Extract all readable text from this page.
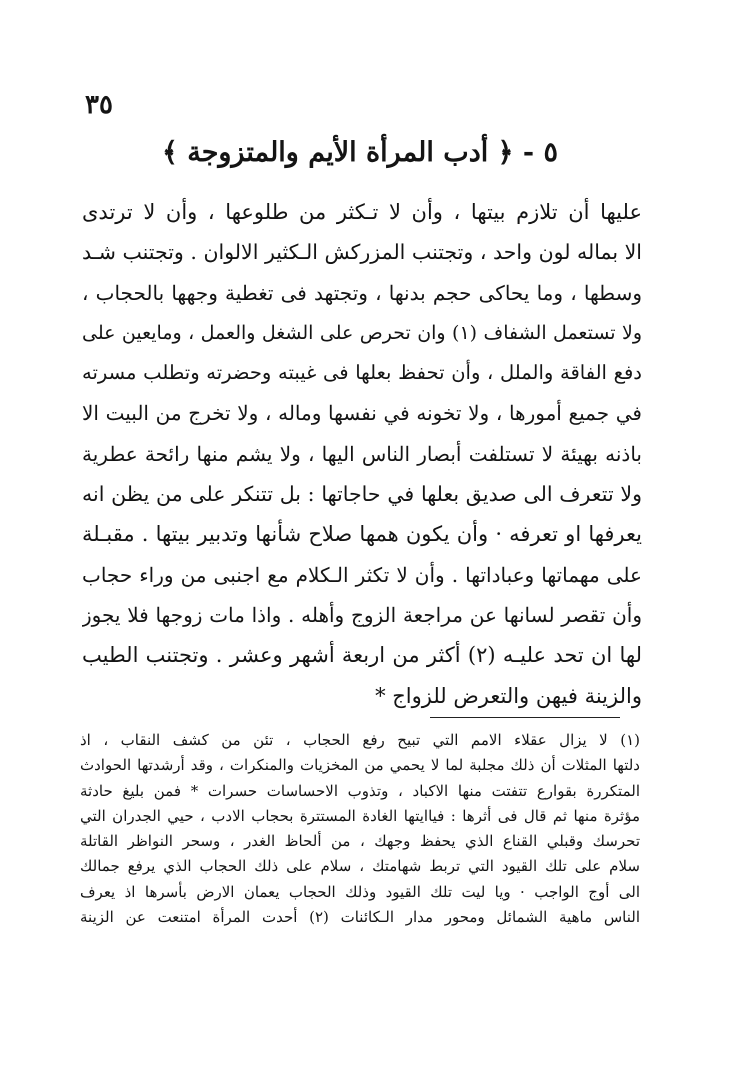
٣٥
٥ - ﴿ أدب المرأة الأيم والمتزوجة ﴾
عليها أن تلازم بيتها ، وأن لا تـكثر من طلوعها ، وأن لا ترتدى
الا بماله لون واحد ، وتجتنب المزركش الـكثير الالوان . وتجتنب شـد
وسطها ، وما يحاكى حجم بدنها ، وتجتهد فى تغطية وجهها بالحجاب ،
ولا تستعمل الشفاف (١) وان تحرص على الشغل والعمل ، ومايعين على
دفع الفاقة والملل ، وأن تحفظ بعلها فى غيبته وحضرته وتطلب مسرته
في جميع أمورها ، ولا تخونه في نفسها وماله ، ولا تخرج من البيت الا
باذنه بهيئة لا تستلفت أبصار الناس اليها ، ولا يشم منها رائحة عطرية
ولا تتعرف الى صديق بعلها في حاجاتها : بل تتنكر على من يظن انه
يعرفها او تعرفه · وأن يكون همها صلاح شأنها وتدبير بيتها . مقبـلة
على مهماتها وعباداتها . وأن لا تكثر الـكلام مع اجنبى من وراء حجاب
وأن تقصر لسانها عن مراجعة الزوج وأهله . واذا مات زوجها فلا يجوز
لها ان تحد عليـه (٢) أكثر من اربعة أشهر وعشر . وتجتنب الطيب
والزينة فيهن والتعرض للزواج *
(١) لا يزال عقلاء الامم التي تبيح رفع الحجاب ، تئن من كشف النقاب ، اذ
دلتها المثلات أن ذلك مجلبة لما لا يحمي من المخزيات والمنكرات ، وقد أرشدتها الحوادث
المتكررة بقوارع تتفتت منها الاكباد ، وتذوب الاحساسات حسرات * فمن بليغ حادثة
مؤثرة منها ثم قال فى أثرها : فياايتها الغادة المستترة بحجاب الادب ، حيي الجدران التي
تحرسك وقبلي القناع الذي يحفظ وجهك ، من ألحاظ الغدر ، وسحر النواظر القاتلة
سلام على تلك القيود التي تربط شهامتك ، سلام على ذلك الحجاب الذي يرفع جمالك
الى أوج الواجب · ويا ليت تلك القيود وذلك الحجاب يعمان الارض بأسرها اذ يعرف
الناس ماهية الشمائل ومحور مدار الـكائنات (٢) أحدت المرأة امتنعت عن الزينة
